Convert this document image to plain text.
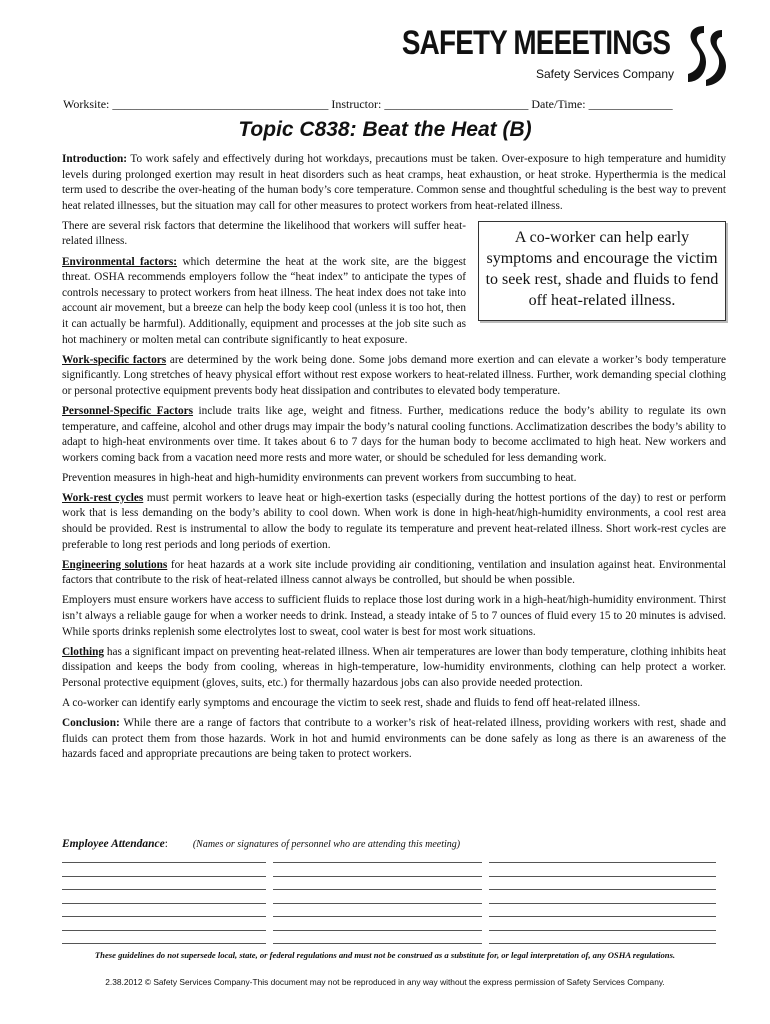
SAFETY MEEETINGS
Safety Services Company
Worksite: ____________________________________ Instructor: ________________________ Date/Time: ______________
Topic C838: Beat the Heat (B)

Introduction: To work safely and effectively during hot workdays, precautions must be taken. Over-exposure to high temperature and humidity levels during prolonged exertion may result in heat disorders such as heat cramps, heat exhaustion, or heat stroke. Hyperthermia is the medical term used to describe the over-heating of the human body’s core temperature. Common sense and thoughtful scheduling is the best way to prevent heat related illnesses, but the situation may call for other measures to protect workers from heat-related illness.

A co-worker can help early symptoms and encourage the victim to seek rest, shade and fluids to fend off heat-related illness.

There are several risk factors that determine the likelihood that workers will suffer heat-related illness.

Environmental factors: which determine the heat at the work site, are the biggest threat. OSHA recommends employers follow the “heat index” to anticipate the types of controls necessary to protect workers from heat illness. The heat index does not take into account air movement, but a breeze can help the body keep cool (unless it is too hot, then it can actually be harmful). Additionally, equipment and processes at the job site such as hot machinery or molten metal can contribute significantly to heat exposure.

Work-specific factors are determined by the work being done. Some jobs demand more exertion and can elevate a worker’s body temperature significantly. Long stretches of heavy physical effort without rest expose workers to heat-related illness. Further, work demanding special clothing or personal protective equipment prevents body heat dissipation and contributes to elevated body temperature.

Personnel-Specific Factors include traits like age, weight and fitness. Further, medications reduce the body’s ability to regulate its own temperature, and caffeine, alcohol and other drugs may impair the body’s natural cooling functions. Acclimatization describes the body’s ability to adapt to high-heat environments over time. It takes about 6 to 7 days for the human body to become acclimated to high heat. New workers and workers coming back from a vacation need more rests and more water, or should be scheduled for less demanding work.

Prevention measures in high-heat and high-humidity environments can prevent workers from succumbing to heat.

Work-rest cycles must permit workers to leave heat or high-exertion tasks (especially during the hottest portions of the day) to rest or perform work that is less demanding on the body’s ability to cool down. When work is done in high-heat/high-humidity environments, a cool rest area should be provided. Rest is instrumental to allow the body to regulate its temperature and prevent heat-related illness. Short work-rest cycles are preferable to long rest periods and long periods of exertion.

Engineering solutions for heat hazards at a work site include providing air conditioning, ventilation and insulation against heat. Environmental factors that contribute to the risk of heat-related illness cannot always be controlled, but should be when possible.

Employers must ensure workers have access to sufficient fluids to replace those lost during work in a high-heat/high-humidity environment. Thirst isn’t always a reliable gauge for when a worker needs to drink. Instead, a steady intake of 5 to 7 ounces of fluid every 15 to 20 minutes is advised. While sports drinks replenish some electrolytes lost to sweat, cool water is best for most work situations.

Clothing has a significant impact on preventing heat-related illness. When air temperatures are lower than body temperature, clothing inhibits heat dissipation and keeps the body from cooling, whereas in high-temperature, low-humidity environments, clothing can help protect a worker. Personal protective equipment (gloves, suits, etc.) for thermally hazardous jobs can also provide needed protection.

A co-worker can identify early symptoms and encourage the victim to seek rest, shade and fluids to fend off heat-related illness.

Conclusion: While there are a range of factors that contribute to a worker’s risk of heat-related illness, providing workers with rest, shade and fluids can protect them from those hazards. Work in hot and humid environments can be done safely as long as there is an awareness of the hazards faced and appropriate precautions are being taken to protect workers.

Employee Attendance: (Names or signatures of personnel who are attending this meeting)
These guidelines do not supersede local, state, or federal regulations and must not be construed as a substitute for, or legal interpretation of, any OSHA regulations.
2.38.2012 © Safety Services Company-This document may not be reproduced in any way without the express permission of Safety Services Company.
